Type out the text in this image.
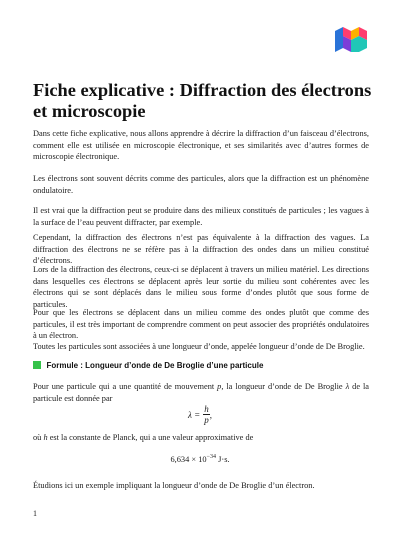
Fiche explicative : Diffraction des électrons et microscopie

Dans cette fiche explicative, nous allons apprendre à décrire la diffraction d’un faisceau d’électrons, comment elle est utilisée en microscopie électronique, et ses similarités avec d’autres formes de microscopie électronique.

Les électrons sont souvent décrits comme des particules, alors que la diffraction est un phénomène ondulatoire.

Il est vrai que la diffraction peut se produire dans des milieux constitués de particules ; les vagues à la surface de l’eau peuvent diffracter, par exemple.

Cependant, la diffraction des électrons n’est pas équivalente à la diffraction des vagues. La diffraction des électrons ne se réfère pas à la diffraction des ondes dans un milieu constitué d’électrons.

Lors de la diffraction des électrons, ceux-ci se déplacent à travers un milieu matériel. Les directions dans lesquelles ces électrons se déplacent après leur sortie du milieu sont cohérentes avec les électrons qui se sont déplacés dans le milieu sous forme d’ondes plutôt que sous forme de particules.

Pour que les électrons se déplacent dans un milieu comme des ondes plutôt que comme des particules, il est très important de comprendre comment on peut associer des propriétés ondulatoires à un électron.

Toutes les particules sont associées à une longueur d’onde, appelée longueur d’onde de De Broglie.

Formule : Longueur d’onde de De Broglie d’une particule

Pour une particule qui a une quantité de mouvement p, la longueur d’onde de De Broglie λ de la particule est donnée par

$\lambda = \frac{h}{p}$ ,

où h est la constante de Planck, qui a une valeur approximative de

$6,634 \times 10^{-34}$ J⋅s.

Étudions ici un exemple impliquant la longueur d’onde de De Broglie d’un électron.

1
